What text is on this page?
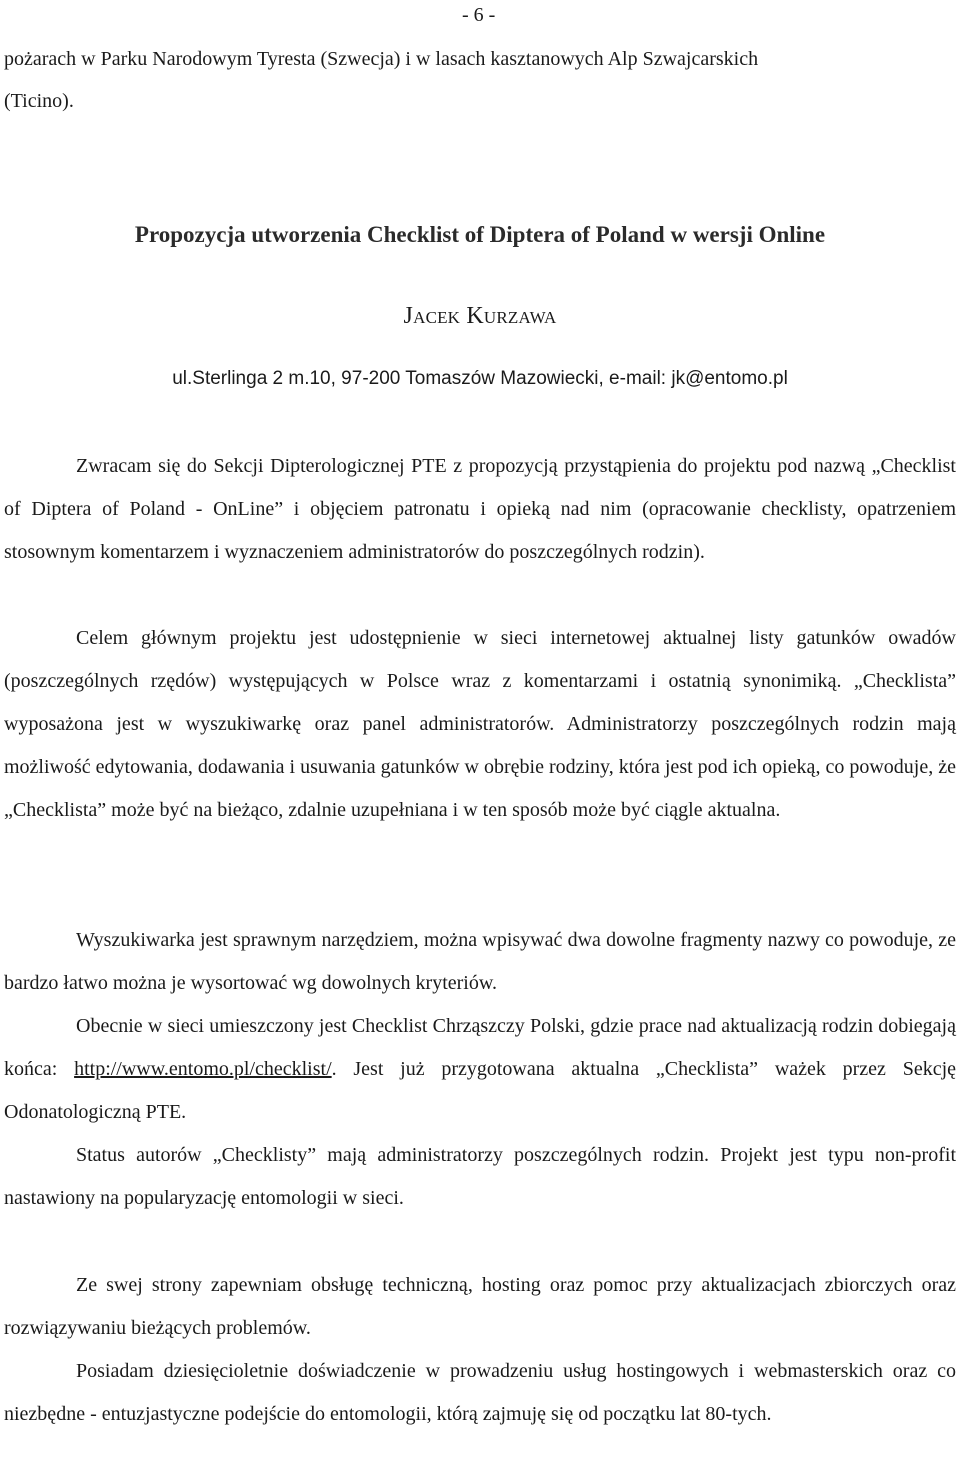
- 6 -
pożarach w Parku Narodowym Tyresta (Szwecja) i w lasach kasztanowych Alp Szwajcarskich
(Ticino).
Propozycja utworzenia Checklist of Diptera of Poland w wersji Online
Jacek Kurzawa
ul.Sterlinga 2 m.10, 97-200 Tomaszów Mazowiecki, e-mail: jk@entomo.pl

Zwracam się do Sekcji Dipterologicznej PTE z propozycją przystąpienia do projektu pod nazwą „Checklist of Diptera of Poland - OnLine” i objęciem patronatu i opieką nad nim (opracowanie checklisty, opatrzeniem stosownym komentarzem i wyznaczeniem administratorów do poszczególnych rodzin).

Celem głównym projektu jest udostępnienie w sieci internetowej aktualnej listy gatunków owadów (poszczególnych rzędów) występujących w Polsce wraz z komentarzami i ostatnią synonimiką. „Checklista” wyposażona jest w wyszukiwarkę oraz panel administratorów. Administratorzy poszczególnych rodzin mają możliwość edytowania, dodawania i usuwania gatunków w obrębie rodziny, która jest pod ich opieką, co powoduje, że „Checklista” może być na bieżąco, zdalnie uzupełniana i w ten sposób może być ciągle aktualna.

Wyszukiwarka jest sprawnym narzędziem, można wpisywać dwa dowolne fragmenty nazwy co powoduje, ze bardzo łatwo można je wysortować wg dowolnych kryteriów.

Obecnie w sieci umieszczony jest Checklist Chrząszczy Polski, gdzie prace nad aktualizacją rodzin dobiegają końca: http://www.entomo.pl/checklist/. Jest już przygotowana aktualna „Checklista” ważek przez Sekcję Odonatologiczną PTE.

Status autorów „Checklisty” mają administratorzy poszczególnych rodzin. Projekt jest typu non-profit nastawiony na popularyzację entomologii w sieci.

Ze swej strony zapewniam obsługę techniczną, hosting oraz pomoc przy aktualizacjach zbiorczych oraz rozwiązywaniu bieżących problemów.

Posiadam dziesięcioletnie doświadczenie w prowadzeniu usług hostingowych i webmasterskich oraz co niezbędne - entuzjastyczne podejście do entomologii, którą zajmuję się od początku lat 80-tych.
